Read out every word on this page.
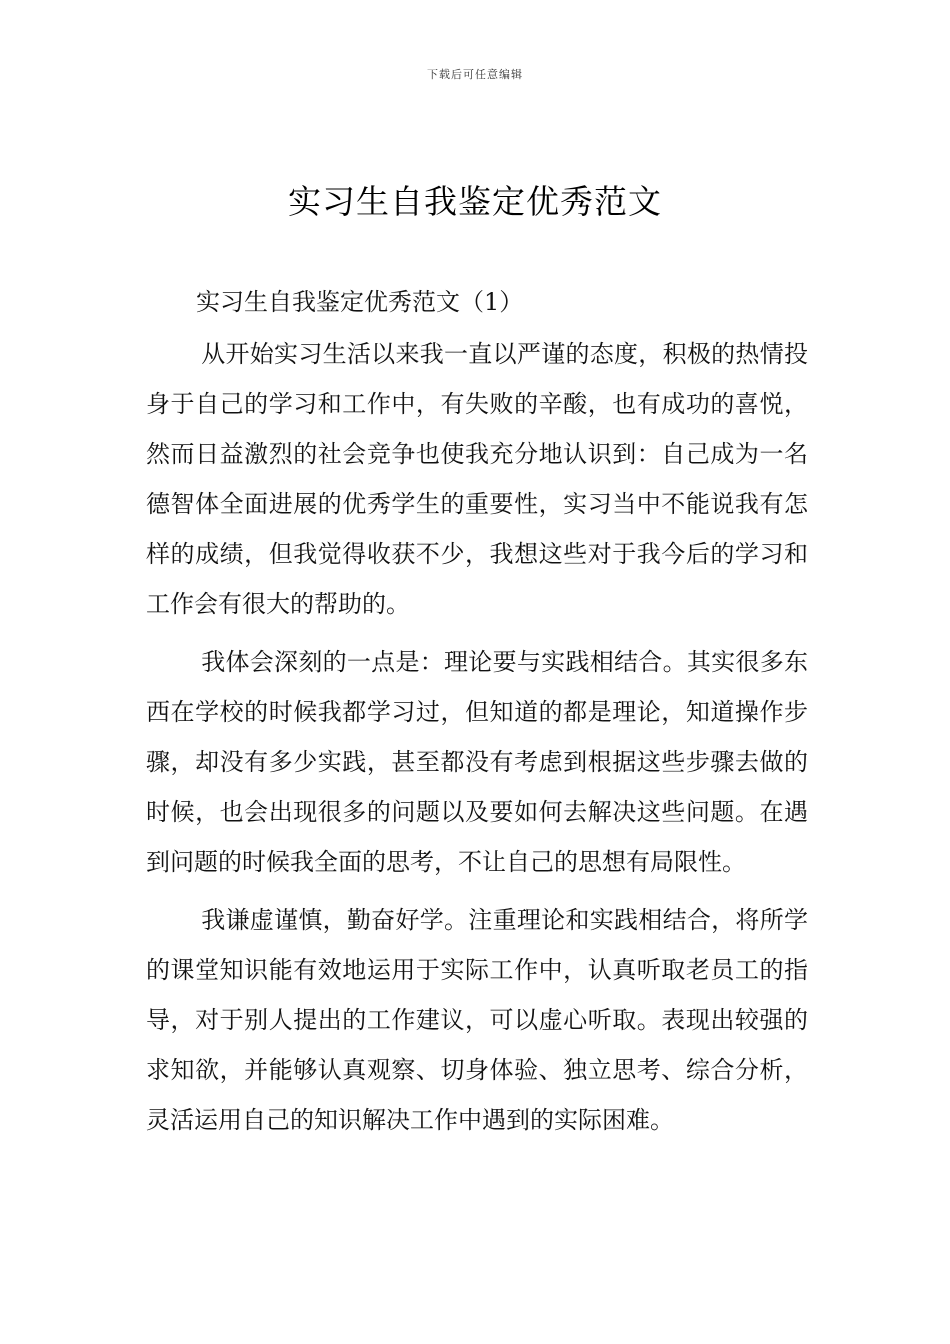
下载后可任意编辑
实习生自我鉴定优秀范文

实习生自我鉴定优秀范文（1）

从开始实习生活以来我一直以严谨的态度，积极的热情投身于自己的学习和工作中，有失败的辛酸，也有成功的喜悦，然而日益激烈的社会竞争也使我充分地认识到：自己成为一名德智体全面进展的优秀学生的重要性，实习当中不能说我有怎样的成绩，但我觉得收获不少，我想这些对于我今后的学习和工作会有很大的帮助的。

我体会深刻的一点是：理论要与实践相结合。其实很多东西在学校的时候我都学习过，但知道的都是理论，知道操作步骤，却没有多少实践，甚至都没有考虑到根据这些步骤去做的时候，也会出现很多的问题以及要如何去解决这些问题。在遇到问题的时候我全面的思考，不让自己的思想有局限性。

我谦虚谨慎，勤奋好学。注重理论和实践相结合，将所学的课堂知识能有效地运用于实际工作中，认真听取老员工的指导，对于别人提出的工作建议，可以虚心听取。表现出较强的求知欲，并能够认真观察、切身体验、独立思考、综合分析，灵活运用自己的知识解决工作中遇到的实际困难。
